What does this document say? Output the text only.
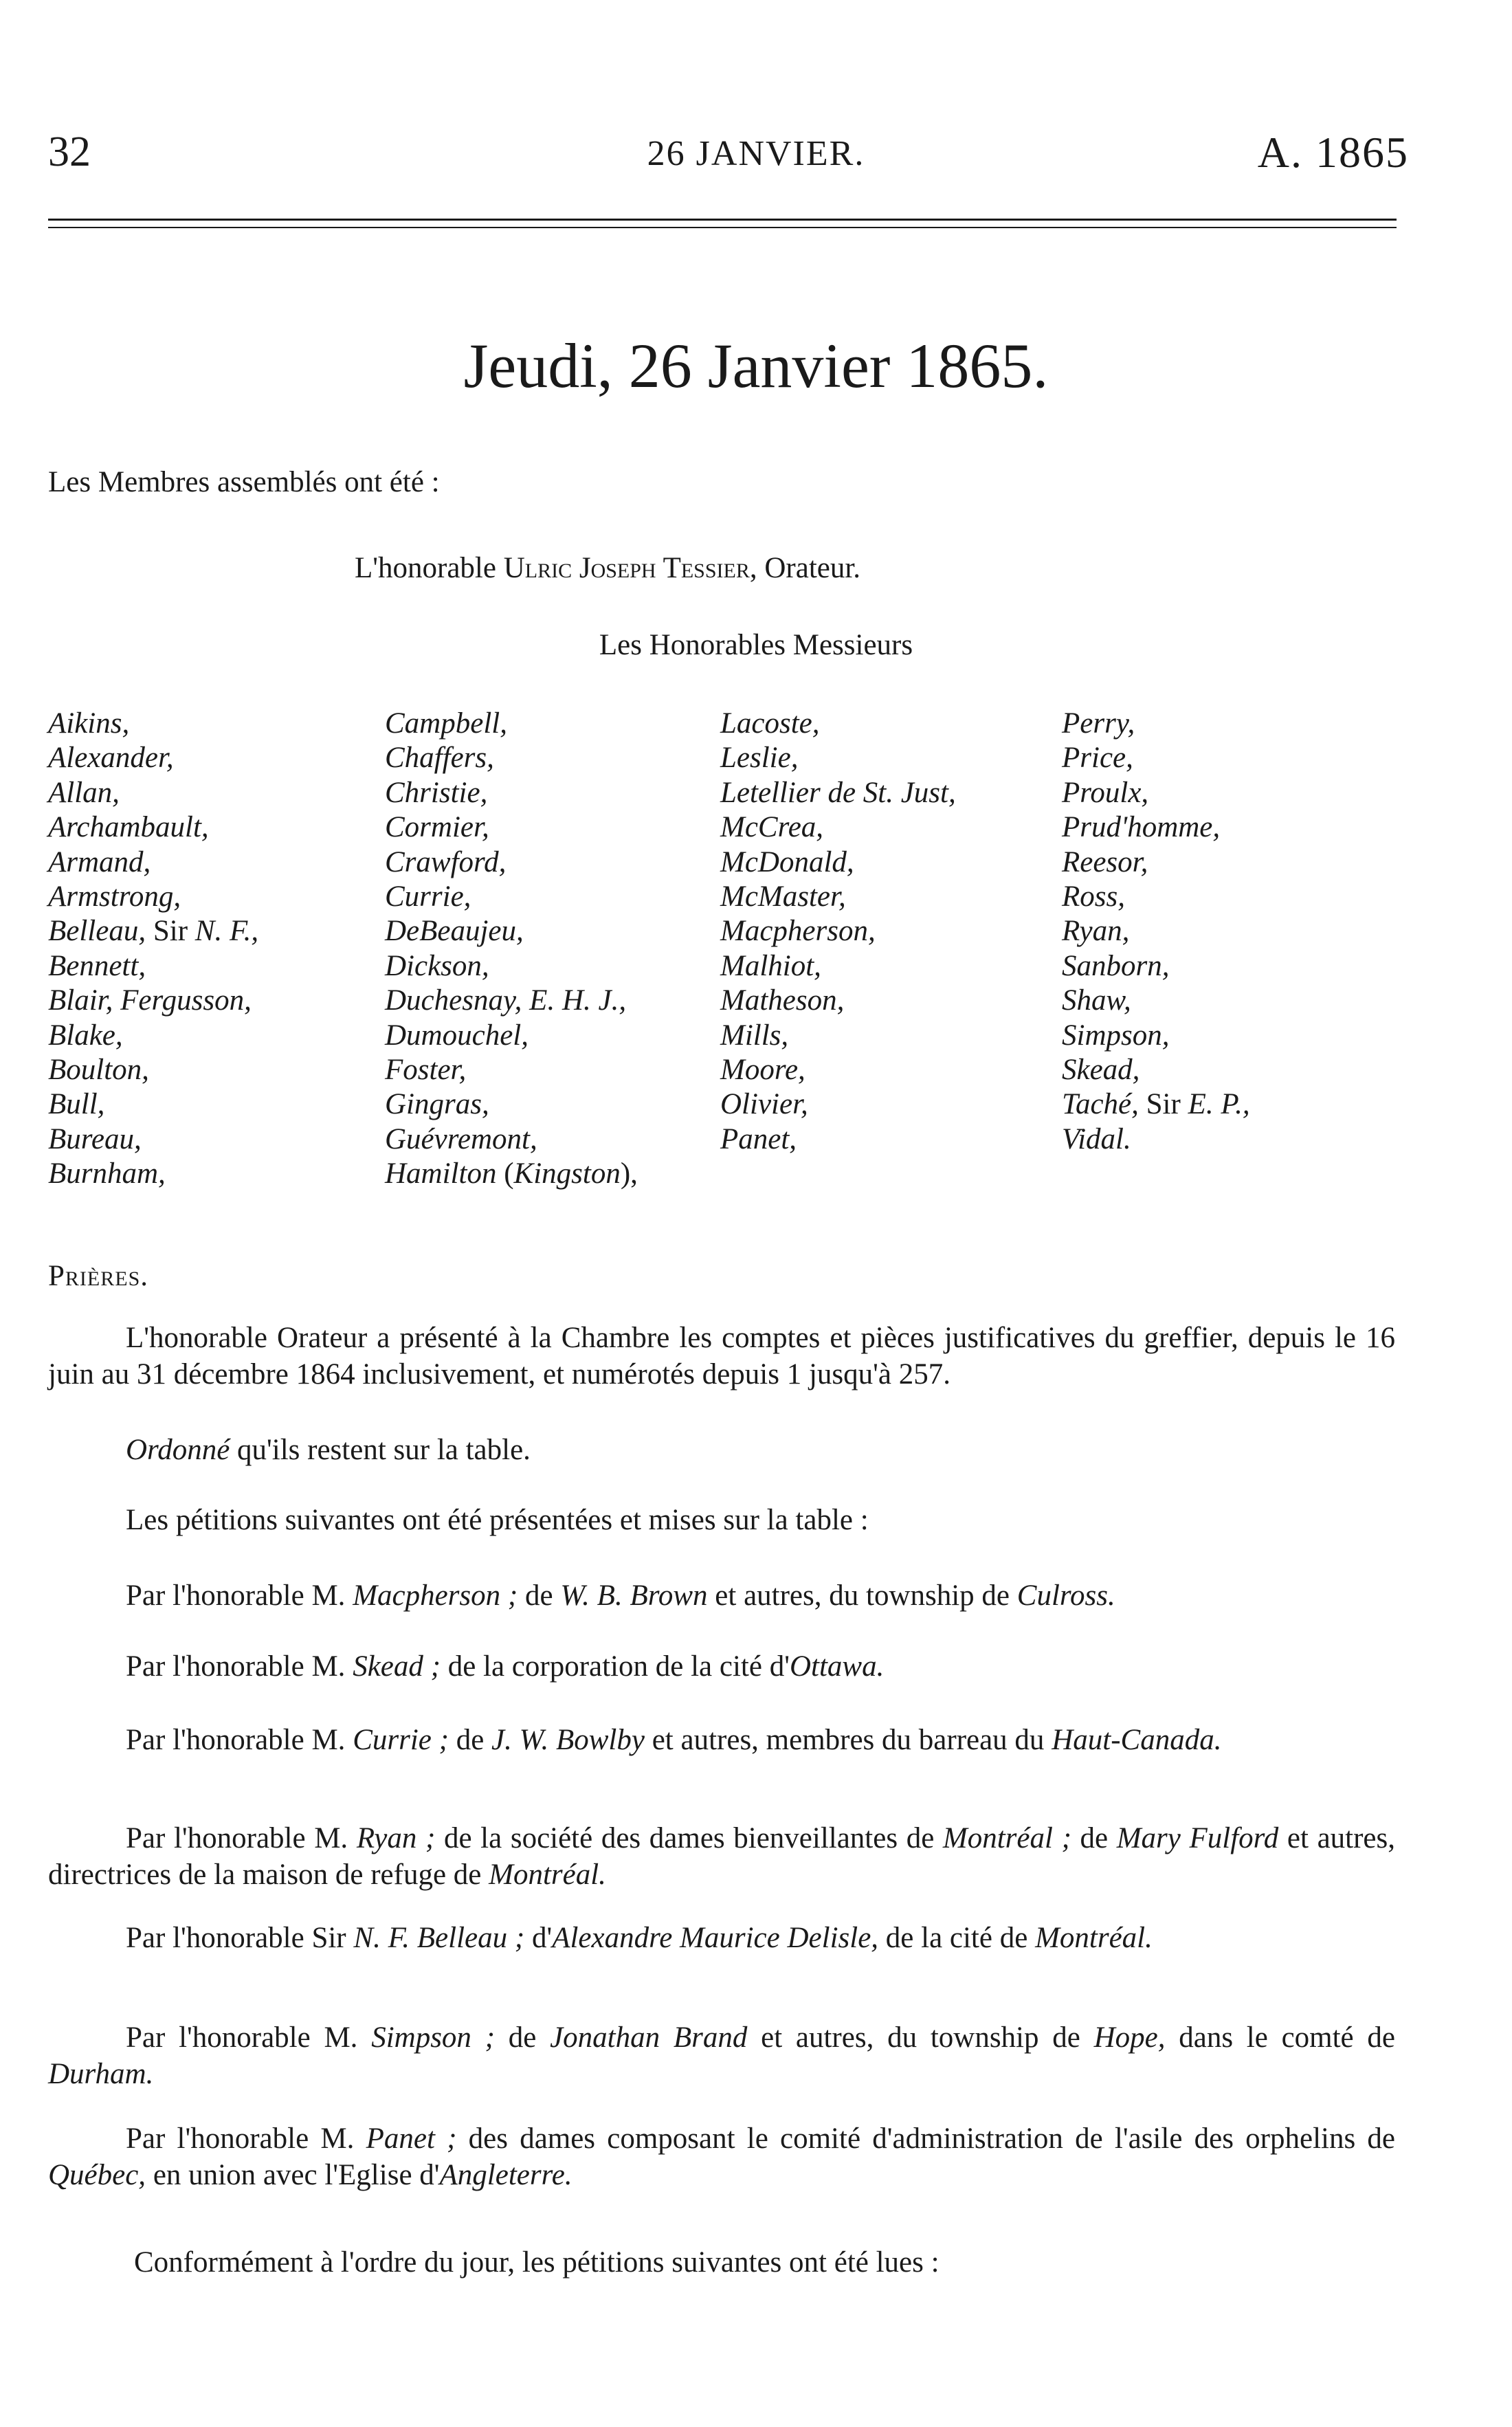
32	26 JANVIER.	A. 1865
Jeudi, 26 Janvier 1865.
Les Membres assemblés ont été :
L'honorable Ulric Joseph Tessier, Orateur.
Les Honorables Messieurs
Aikins,
Alexander,
Allan,
Archambault,
Armand,
Armstrong,
Belleau, Sir N. F.,
Bennett,
Blair, Fergusson,
Blake,
Boulton,
Bull,
Bureau,
Burnham,
Campbell,
Chaffers,
Christie,
Cormier,
Crawford,
Currie,
DeBeaujeu,
Dickson,
Duchesnay, E. H. J.,
Dumouchel,
Foster,
Gingras,
Guévremont,
Hamilton (Kingston),
Lacoste,
Leslie,
Letellier de St. Just,
McCrea,
McDonald,
McMaster,
Macpherson,
Malhiot,
Matheson,
Mills,
Moore,
Olivier,
Panet,
Perry,
Price,
Proulx,
Prud'homme,
Reesor,
Ross,
Ryan,
Sanborn,
Shaw,
Simpson,
Skead,
Taché, Sir E. P.,
Vidal.
Prières.
L'honorable Orateur a présenté à la Chambre les comptes et pièces justificatives du greffier, depuis le 16 juin au 31 décembre 1864 inclusivement, et numérotés depuis 1 jusqu'à 257.
Ordonné qu'ils restent sur la table.
Les pétitions suivantes ont été présentées et mises sur la table :
Par l'honorable M. Macpherson ; de W. B. Brown et autres, du township de Culross.
Par l'honorable M. Skead ; de la corporation de la cité d'Ottawa.
Par l'honorable M. Currie ; de J. W. Bowlby et autres, membres du barreau du Haut-Canada.
Par l'honorable M. Ryan ; de la société des dames bienveillantes de Montréal ; de Mary Fulford et autres, directrices de la maison de refuge de Montréal.
Par l'honorable Sir N. F. Belleau ; d'Alexandre Maurice Delisle, de la cité de Montréal.
Par l'honorable M. Simpson ; de Jonathan Brand et autres, du township de Hope, dans le comté de Durham.
Par l'honorable M. Panet ; des dames composant le comité d'administration de l'asile des orphelins de Québec, en union avec l'Eglise d'Angleterre.
Conformément à l'ordre du jour, les pétitions suivantes ont été lues :
